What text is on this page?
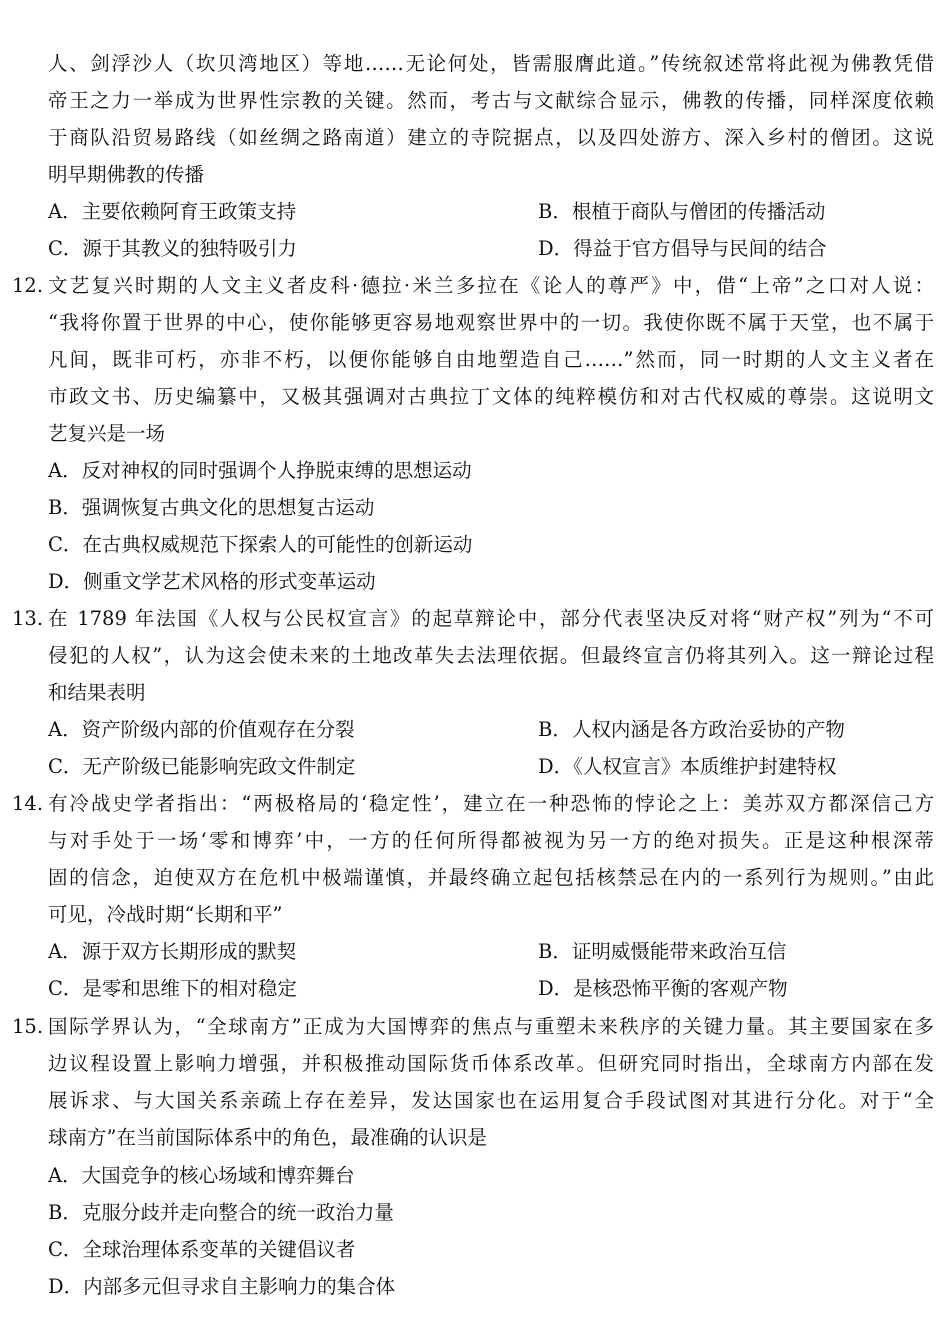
人、剑浮沙人（坎贝湾地区）等地……无论何处，皆需服膺此道。”传统叙述常将此视为佛教凭借
帝王之力一举成为世界性宗教的关键。然而，考古与文献综合显示，佛教的传播，同样深度依赖
于商队沿贸易路线（如丝绸之路南道）建立的寺院据点，以及四处游方、深入乡村的僧团。这说
明早期佛教的传播
A．主要依赖阿育王政策支持	B．根植于商队与僧团的传播活动
C．源于其教义的独特吸引力	D．得益于官方倡导与民间的结合
12. 文艺复兴时期的人文主义者皮科·德拉·米兰多拉在《论人的尊严》中，借“上帝”之口对人说：
“我将你置于世界的中心，使你能够更容易地观察世界中的一切。我使你既不属于天堂，也不属于
凡间，既非可朽，亦非不朽，以便你能够自由地塑造自己……”然而，同一时期的人文主义者在
市政文书、历史编纂中，又极其强调对古典拉丁文体的纯粹模仿和对古代权威的尊崇。这说明文
艺复兴是一场
A．反对神权的同时强调个人挣脱束缚的思想运动
B．强调恢复古典文化的思想复古运动
C．在古典权威规范下探索人的可能性的创新运动
D．侧重文学艺术风格的形式变革运动
13. 在 1789 年法国《人权与公民权宣言》的起草辩论中，部分代表坚决反对将“财产权”列为“不可
侵犯的人权”，认为这会使未来的土地改革失去法理依据。但最终宣言仍将其列入。这一辩论过程
和结果表明
A．资产阶级内部的价值观存在分裂	B．人权内涵是各方政治妥协的产物
C．无产阶级已能影响宪政文件制定	D．《人权宣言》本质维护封建特权
14. 有冷战史学者指出：“两极格局的‘稳定性’，建立在一种恐怖的悖论之上：美苏双方都深信己方
与对手处于一场‘零和博弈’中，一方的任何所得都被视为另一方的绝对损失。正是这种根深蒂
固的信念，迫使双方在危机中极端谨慎，并最终确立起包括核禁忌在内的一系列行为规则。”由此
可见，冷战时期“长期和平”
A．源于双方长期形成的默契	B．证明威慑能带来政治互信
C．是零和思维下的相对稳定	D．是核恐怖平衡的客观产物
15. 国际学界认为，“全球南方”正成为大国博弈的焦点与重塑未来秩序的关键力量。其主要国家在多
边议程设置上影响力增强，并积极推动国际货币体系改革。但研究同时指出，全球南方内部在发
展诉求、与大国关系亲疏上存在差异，发达国家也在运用复合手段试图对其进行分化。对于“全
球南方”在当前国际体系中的角色，最准确的认识是
A．大国竞争的核心场域和博弈舞台
B．克服分歧并走向整合的统一政治力量
C．全球治理体系变革的关键倡议者
D．内部多元但寻求自主影响力的集合体
